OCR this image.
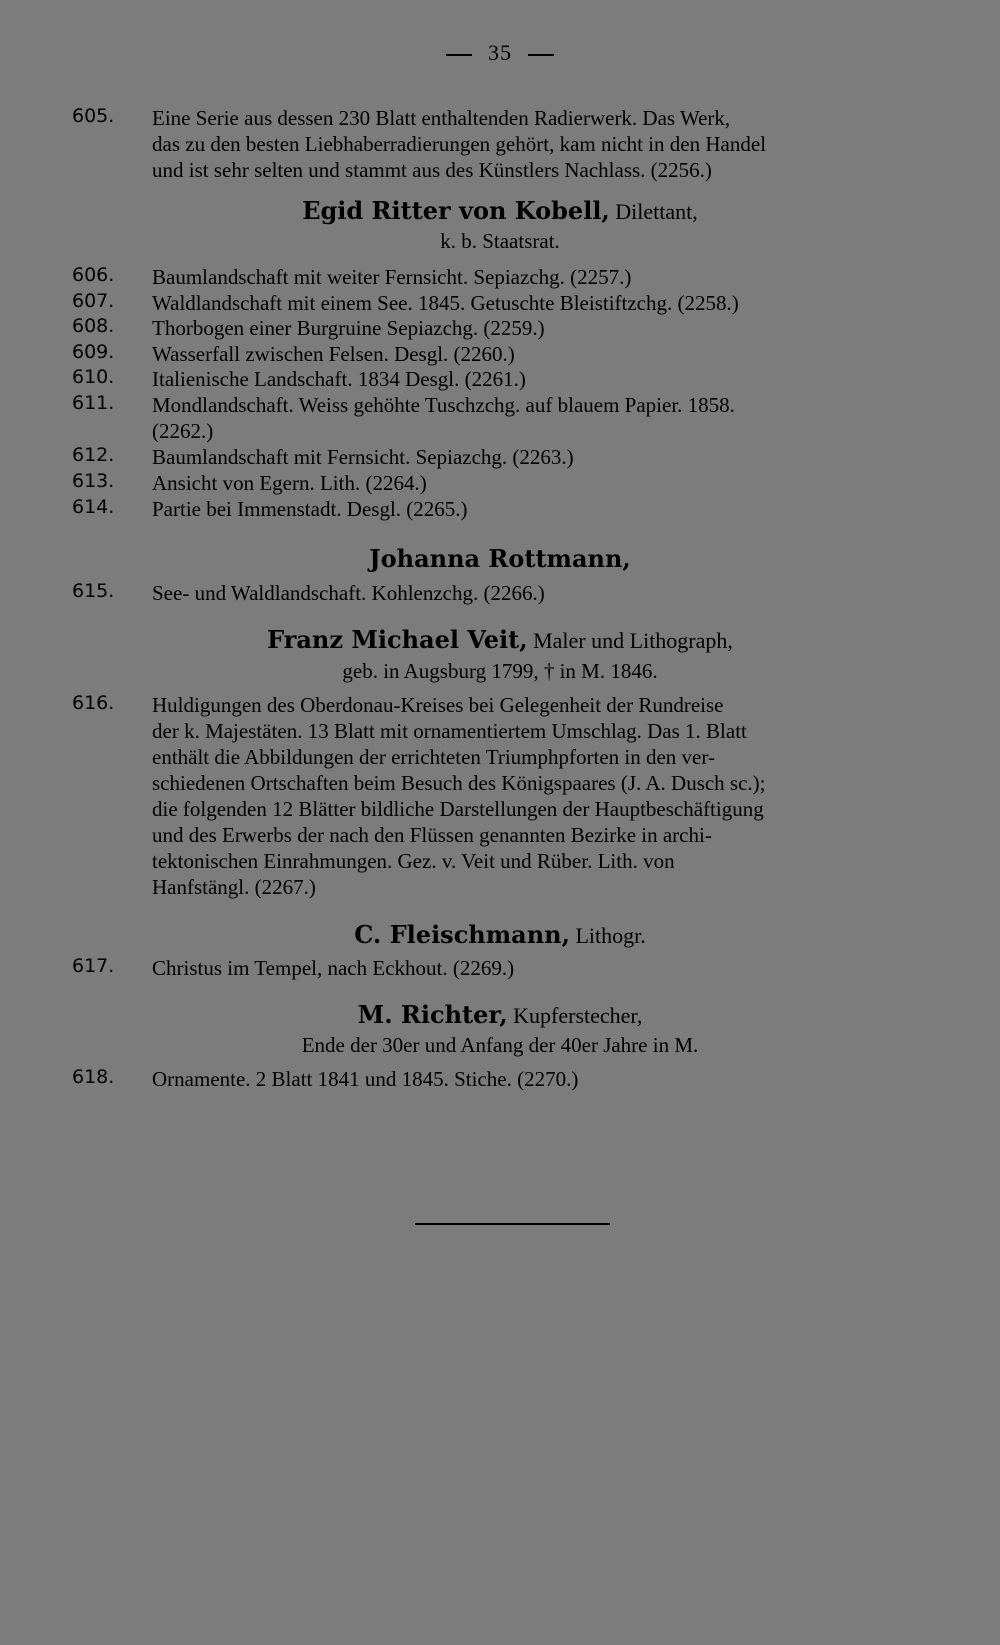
35
605.	Eine Serie aus dessen 230 Blatt enthaltenden Radierwerk. Das Werk,
das zu den besten Liebhaberradierungen gehört, kam nicht in den Handel
und ist sehr selten und stammt aus des Künstlers Nachlass. (2256.)
Egid Ritter von Kobell, Dilettant,
k. b. Staatsrat.
606.	Baumlandschaft mit weiter Fernsicht. Sepiazchg. (2257.)
607.	Waldlandschaft mit einem See. 1845. Getuschte Bleistiftzchg. (2258.)
608.	Thorbogen einer Burgruine Sepiazchg. (2259.)
609.	Wasserfall zwischen Felsen. Desgl. (2260.)
610.	Italienische Landschaft. 1834 Desgl. (2261.)
611.	Mondlandschaft. Weiss gehöhte Tuschzchg. auf blauem Papier. 1858.
(2262.)
612.	Baumlandschaft mit Fernsicht. Sepiazchg. (2263.)
613.	Ansicht von Egern. Lith. (2264.)
614.	Partie bei Immenstadt. Desgl. (2265.)
Johanna Rottmann,
615.	See- und Waldlandschaft. Kohlenzchg. (2266.)
Franz Michael Veit, Maler und Lithograph,
geb. in Augsburg 1799, † in M. 1846.
616.	Huldigungen des Oberdonau-Kreises bei Gelegenheit der Rundreise
der k. Majestäten. 13 Blatt mit ornamentiertem Umschlag. Das 1. Blatt
enthält die Abbildungen der errichteten Triumphpforten in den ver-
schiedenen Ortschaften beim Besuch des Königspaares (J. A. Dusch sc.);
die folgenden 12 Blätter bildliche Darstellungen der Hauptbeschäftigung
und des Erwerbs der nach den Flüssen genannten Bezirke in archi-
tektonischen Einrahmungen. Gez. v. Veit und Rüber. Lith. von
Hanfstängl. (2267.)
C. Fleischmann, Lithogr.
617.	Christus im Tempel, nach Eckhout. (2269.)
M. Richter, Kupferstecher,
Ende der 30er und Anfang der 40er Jahre in M.
618.	Ornamente. 2 Blatt 1841 und 1845. Stiche. (2270.)
